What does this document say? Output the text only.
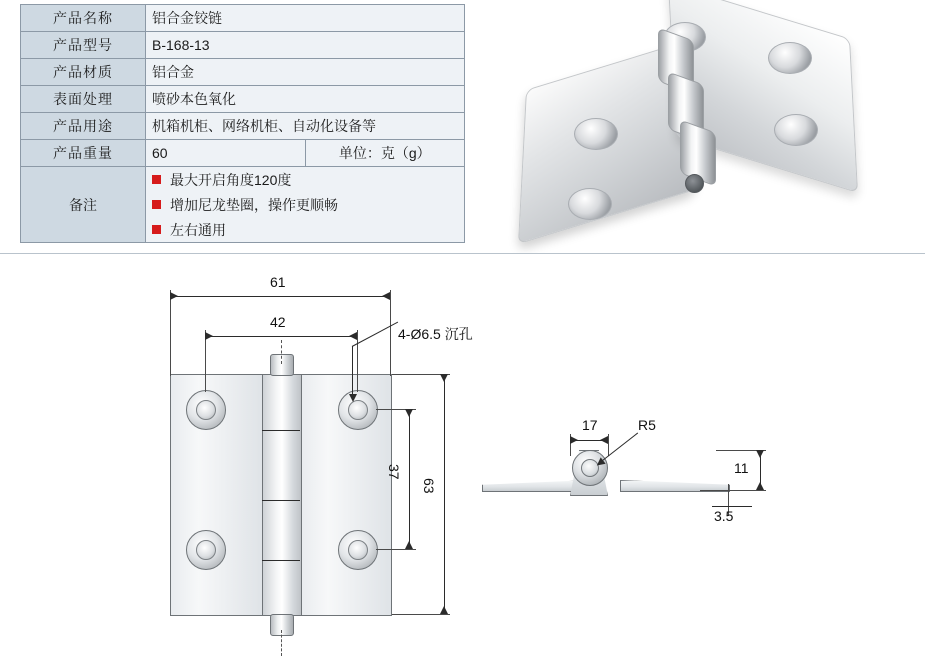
产品名称	铝合金铰链	
产品型号	B-168-13	
产品材质	铝合金	
表面处理	喷砂本色氧化	
产品用途	机箱机柜、网络机柜、自动化设备等	
产品重量	60	单位：克（g）
备注	最大开启角度120度
增加尼龙垫圈，操作更顺畅
左右通用	
61
42
4-Ø6.5 沉孔
63
37
17	R5
11
3.5
